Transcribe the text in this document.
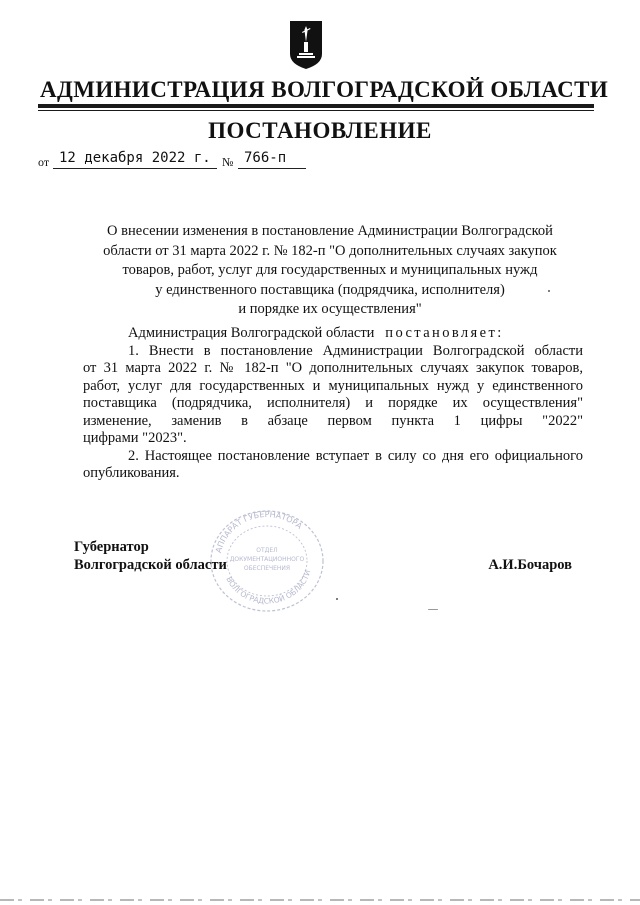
АДМИНИСТРАЦИЯ ВОЛГОГРАДСКОЙ ОБЛАСТИ
ПОСТАНОВЛЕНИЕ
от 12 декабря 2022 г. № 766-п
О внесении изменения в постановление Администрации Волгоградской
области от 31 марта 2022 г. № 182-п "О дополнительных случаях закупок
товаров, работ, услуг для государственных и муниципальных нужд
у единственного поставщика (подрядчика, исполнителя)
и порядке их осуществления"

Администрация Волгоградской области постановляет:

1. Внести в постановление Администрации Волгоградской области
от 31 марта 2022 г. № 182-п "О дополнительных случаях закупок товаров,
работ, услуг для государственных и муниципальных нужд у единственного
поставщика (подрядчика, исполнителя) и порядке их осуществления"
изменение, заменив в абзаце первом пункта 1 цифры "2022"

цифрами "2023".

2. Настоящее постановление вступает в силу со дня его официального

опубликования.

АППАРАТ ГУБЕРНАТОРА
ВОЛГОГРАДСКОЙ ОБЛАСТИ
ОТДЕЛ
ДОКУМЕНТАЦИОННОГО
ОБЕСПЕЧЕНИЯ
Губернатор
Волгоградской области	А.И.Бочаров
